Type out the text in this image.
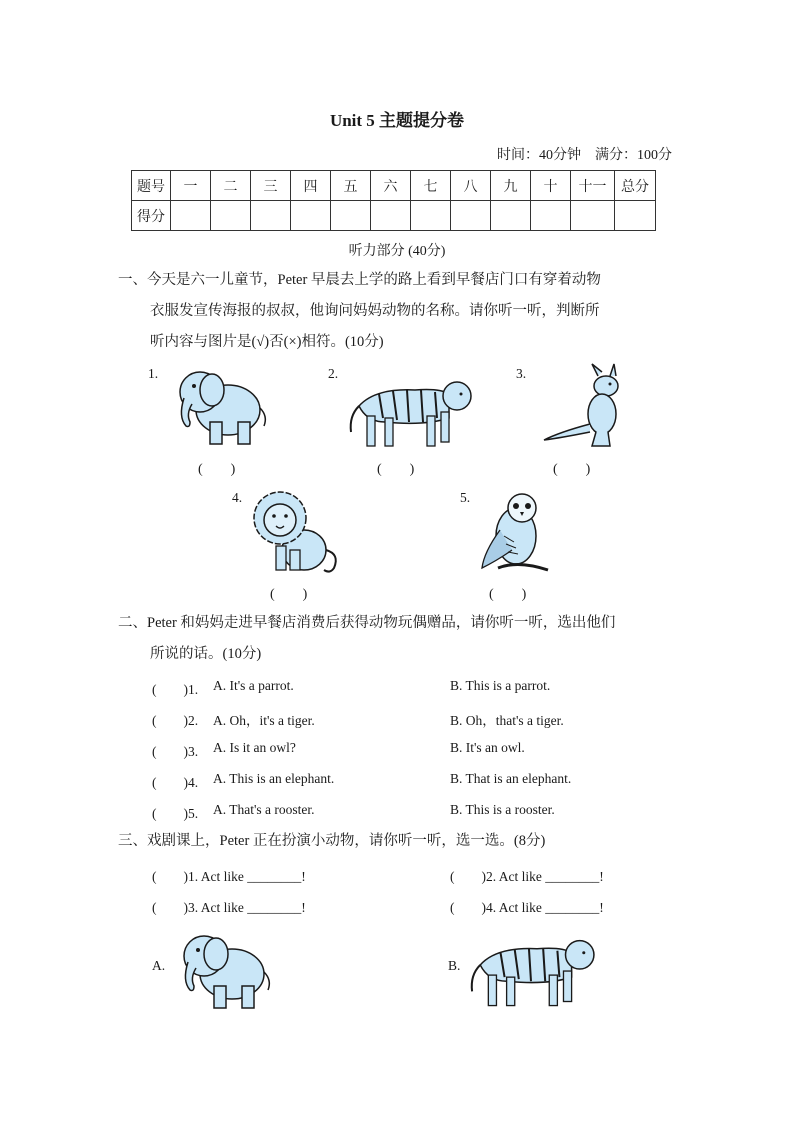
Unit 5 主题提分卷
时间：40分钟　满分：100分
题号	一	二	三	四	五	六	七	八	九	十	十一	总分
得分												
听力部分 (40分)
一、今天是六一儿童节，Peter 早晨去上学的路上看到早餐店门口有穿着动物
衣服发宣传海报的叔叔，他询问妈妈动物的名称。请你听一听，判断所
听内容与图片是(√)否(×)相符。(10分)
1.
(　　)
2.
(　　)
3.
(　　)
4.
(　　)
5.
(　　)
二、Peter 和妈妈走进早餐店消费后获得动物玩偶赠品，请你听一听，选出他们
所说的话。(10分)
(　　)1. A. It's a parrot.	B. This is a parrot.
(　　)2. A. Oh，it's a tiger.	B. Oh，that's a tiger.
(　　)3. A. Is it an owl?	B. It's an owl.
(　　)4. A. This is an elephant.	B. That is an elephant.
(　　)5. A. That's a rooster.	B. This is a rooster.
三、戏剧课上，Peter 正在扮演小动物，请你听一听，选一选。(8分)
(　　)1. Act like ________!	(　　)2. Act like ________!
(　　)3. Act like ________!	(　　)4. Act like ________!
A.	B.
